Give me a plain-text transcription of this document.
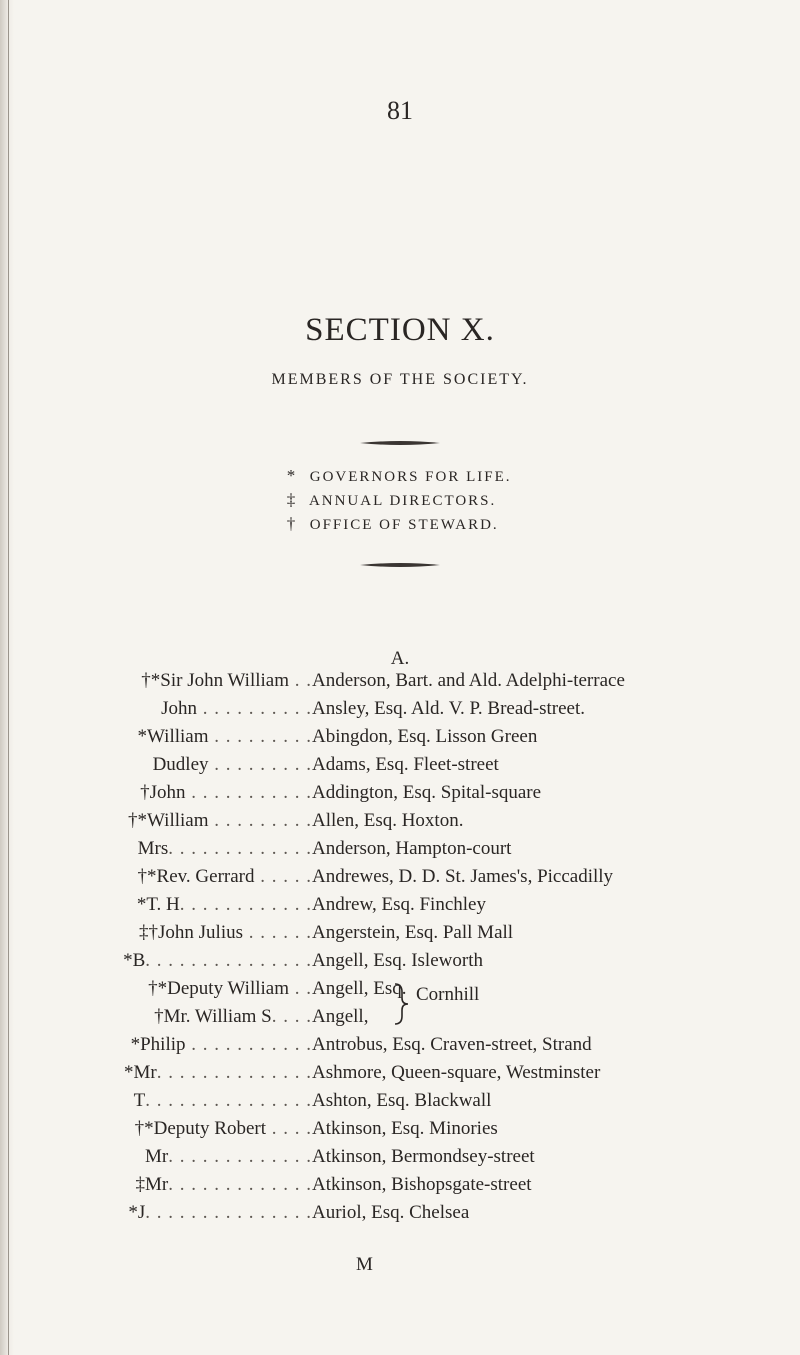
81
SECTION X.
MEMBERS OF THE SOCIETY.
* GOVERNORS FOR LIFE.
‡ ANNUAL DIRECTORS.
† OFFICE OF STEWARD.
A.
†*Sir John William . . Anderson, Bart. and Ald. Adelphi-terrace
John . . . . . . . . . . Ansley, Esq. Ald. V. P. Bread-street.
*William . . . . . . . . . Abingdon, Esq. Lisson Green
Dudley . . . . . . . . . Adams, Esq. Fleet-street
†John . . . . . . . . . . . Addington, Esq. Spital-square
†*William . . . . . . . . . Allen, Esq. Hoxton.
Mrs. . . . . . . . . . . . . Anderson, Hampton-court
†*Rev. Gerrard . . . . . Andrewes, D. D. St. James's, Piccadilly
*T. H. . . . . . . . . . . . Andrew, Esq. Finchley
‡†John Julius . . . . . . Angerstein, Esq. Pall Mall
*B. . . . . . . . . . . . . . . Angell, Esq. Isleworth
†*Deputy William . . Angell, Esq. Cornhill
†Mr. William S. . . . Angell,
*Philip . . . . . . . . . . . Antrobus, Esq. Craven-street, Strand
*Mr. . . . . . . . . . . . . . Ashmore, Queen-square, Westminster
T. . . . . . . . . . . . . . . Ashton, Esq. Blackwall
†*Deputy Robert . . . . Atkinson, Esq. Minories
Mr. . . . . . . . . . . . . Atkinson, Bermondsey-street
‡Mr. . . . . . . . . . . . . Atkinson, Bishopsgate-street
*J. . . . . . . . . . . . . . . Auriol, Esq. Chelsea
M
